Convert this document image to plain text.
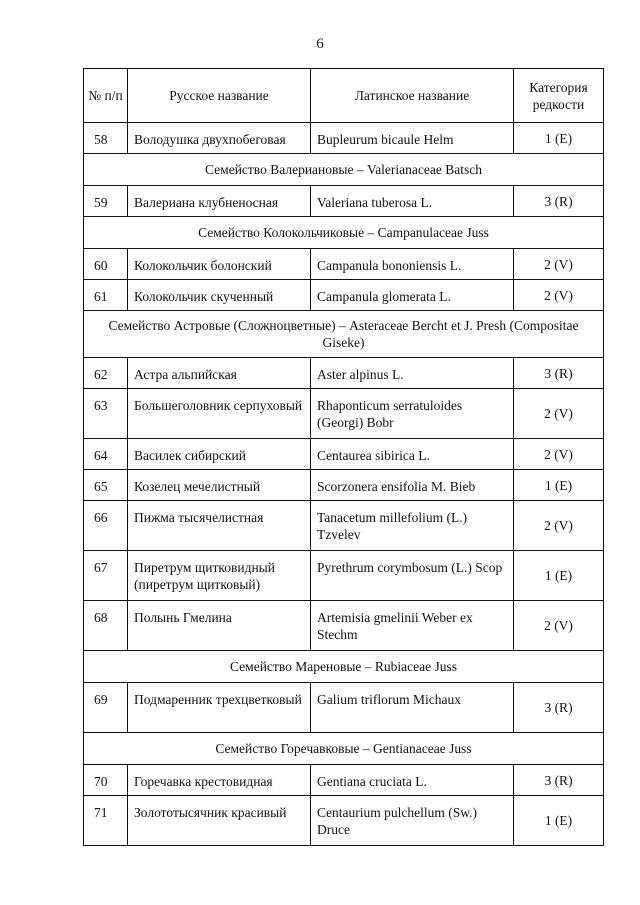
6
№ п/п	Русское название	Латинское название	Категория редкости
58	Володушка двухпобеговая	Bupleurum bicaule Helm	1 (E)
Семейство Валериановые – Valerianaceae Batsch			
59	Валериана клубненосная	Valeriana tuberosa L.	3 (R)
Семейство Колокольчиковые – Campanulaceae Juss			
60	Колокольчик болонский	Campanula bononiensis L.	2 (V)
61	Колокольчик скученный	Campanula glomerata L.	2 (V)
Семейство Астровые (Сложноцветные) – Asteraceae Bercht et J. Presh (Compositae Giseke)			
62	Астра альпийская	Aster alpinus L.	3 (R)
63	Большеголовник серпуховый	Rhaponticum serratuloides (Georgi) Bobr	2 (V)
64	Василек сибирский	Centaurea sibirica L.	2 (V)
65	Козелец мечелистный	Scorzonera ensifolia M. Bieb	1 (E)
66	Пижма тысячелистная	Tanacetum millefolium (L.) Tzvelev	2 (V)
67	Пиретрум щитковидный (пиретрум щитковый)	Pyrethrum corymbosum (L.) Scop	1 (E)
68	Полынь Гмелина	Artemisia gmelinii Weber ex Stechm	2 (V)
Семейство Мареновые – Rubiaceae Juss			
69	Подмаренник трехцветковый	Galium triflorum Michaux	3 (R)
Семейство Горечавковые – Gentianaceae Juss			
70	Горечавка крестовидная	Gentiana cruciata L.	3 (R)
71	Золототысячник красивый	Centaurium pulchellum (Sw.) Druce	1 (E)
